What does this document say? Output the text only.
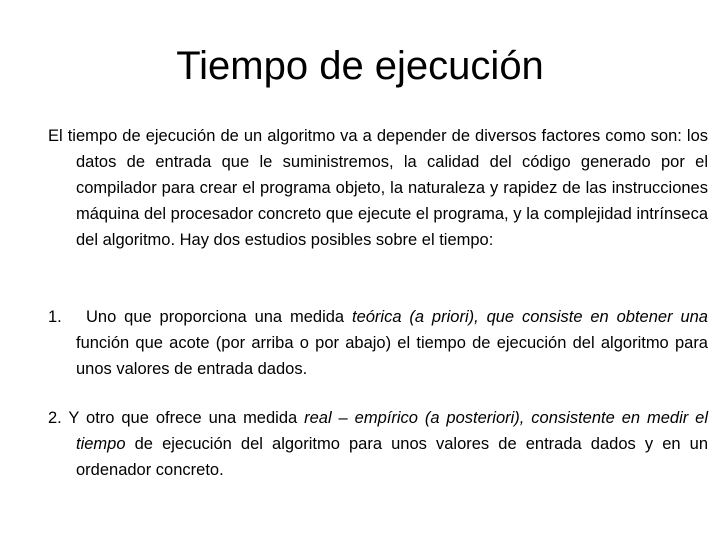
Tiempo de ejecución

El tiempo de ejecución de un algoritmo va a depender de diversos factores como son: los datos de entrada que le suministremos, la calidad del código generado por el compilador para crear el programa objeto, la naturaleza y rapidez de las instrucciones máquina del procesador concreto que ejecute el programa, y la complejidad intrínseca del algoritmo. Hay dos estudios posibles sobre el tiempo:

1. Uno que proporciona una medida teórica (a priori), que consiste en obtener una función que acote (por arriba o por abajo) el tiempo de ejecución del algoritmo para unos valores de entrada dados.

2. Y otro que ofrece una medida real – empírico (a posteriori), consistente en medir el tiempo de ejecución del algoritmo para unos valores de entrada dados y en un ordenador concreto.
